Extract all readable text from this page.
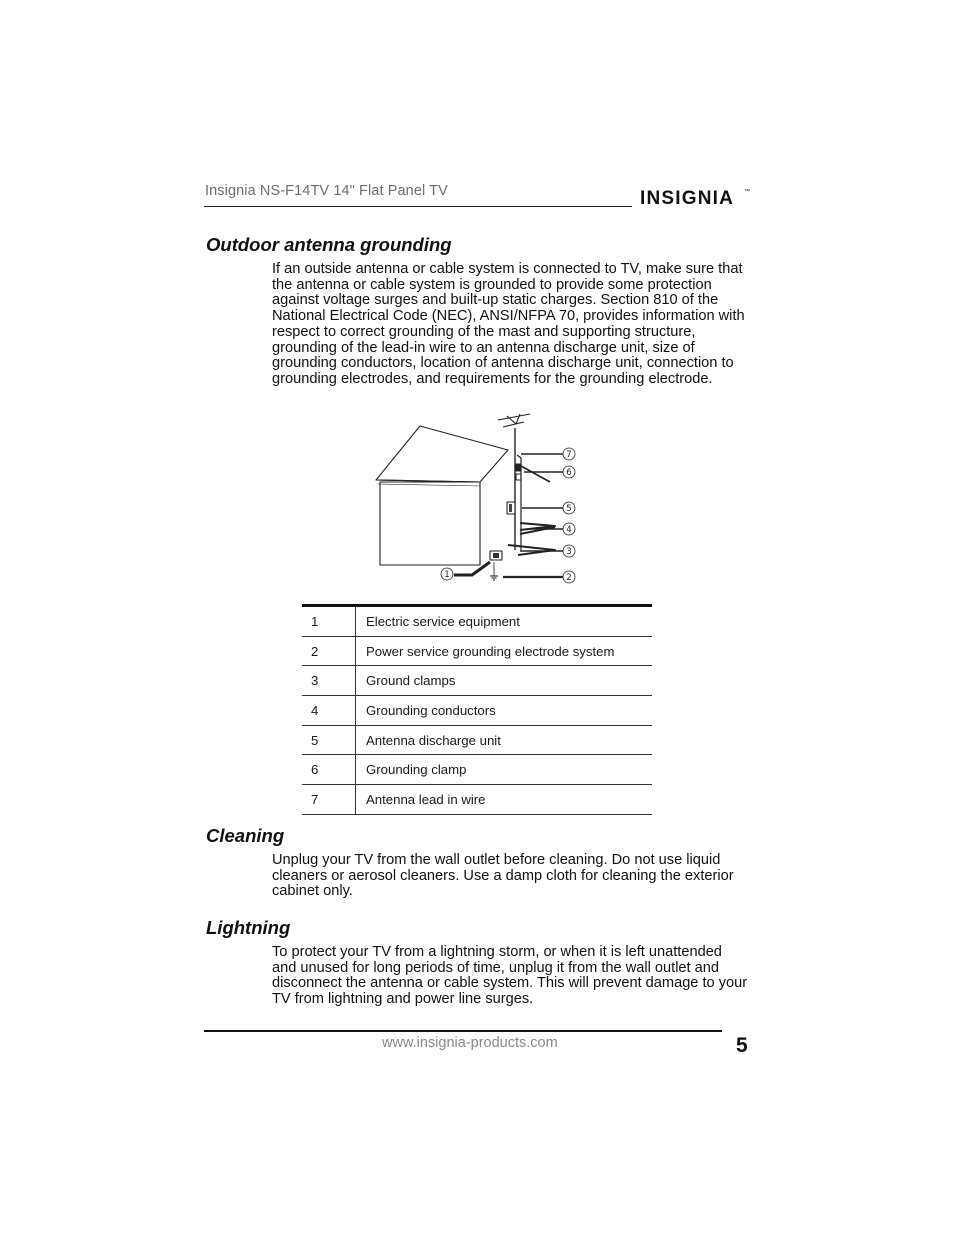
Insignia NS-F14TV 14" Flat Panel TV	INSIGNIA ™
Outdoor antenna grounding

If an outside antenna or cable system is connected to TV, make sure that the antenna or cable system is grounded to provide some protection against voltage surges and built-up static charges. Section 810 of the National Electrical Code (NEC), ANSI/NFPA 70, provides information with respect to correct grounding of the mast and supporting structure, grounding of the lead-in wire to an antenna discharge unit, size of grounding conductors, location of antenna discharge unit, connection to grounding electrodes, and requirements for the grounding electrode.

7
6
5
4
3
2
1
1	Electric service equipment
2	Power service grounding electrode system
3	Ground clamps
4	Grounding conductors
5	Antenna discharge unit
6	Grounding clamp
7	Antenna lead in wire
Cleaning

Unplug your TV from the wall outlet before cleaning. Do not use liquid cleaners or aerosol cleaners. Use a damp cloth for cleaning the exterior cabinet only.

Lightning

To protect your TV from a lightning storm, or when it is left unattended and unused for long periods of time, unplug it from the wall outlet and disconnect the antenna or cable system. This will prevent damage to your TV from lightning and power line surges.

www.insignia-products.com	5
